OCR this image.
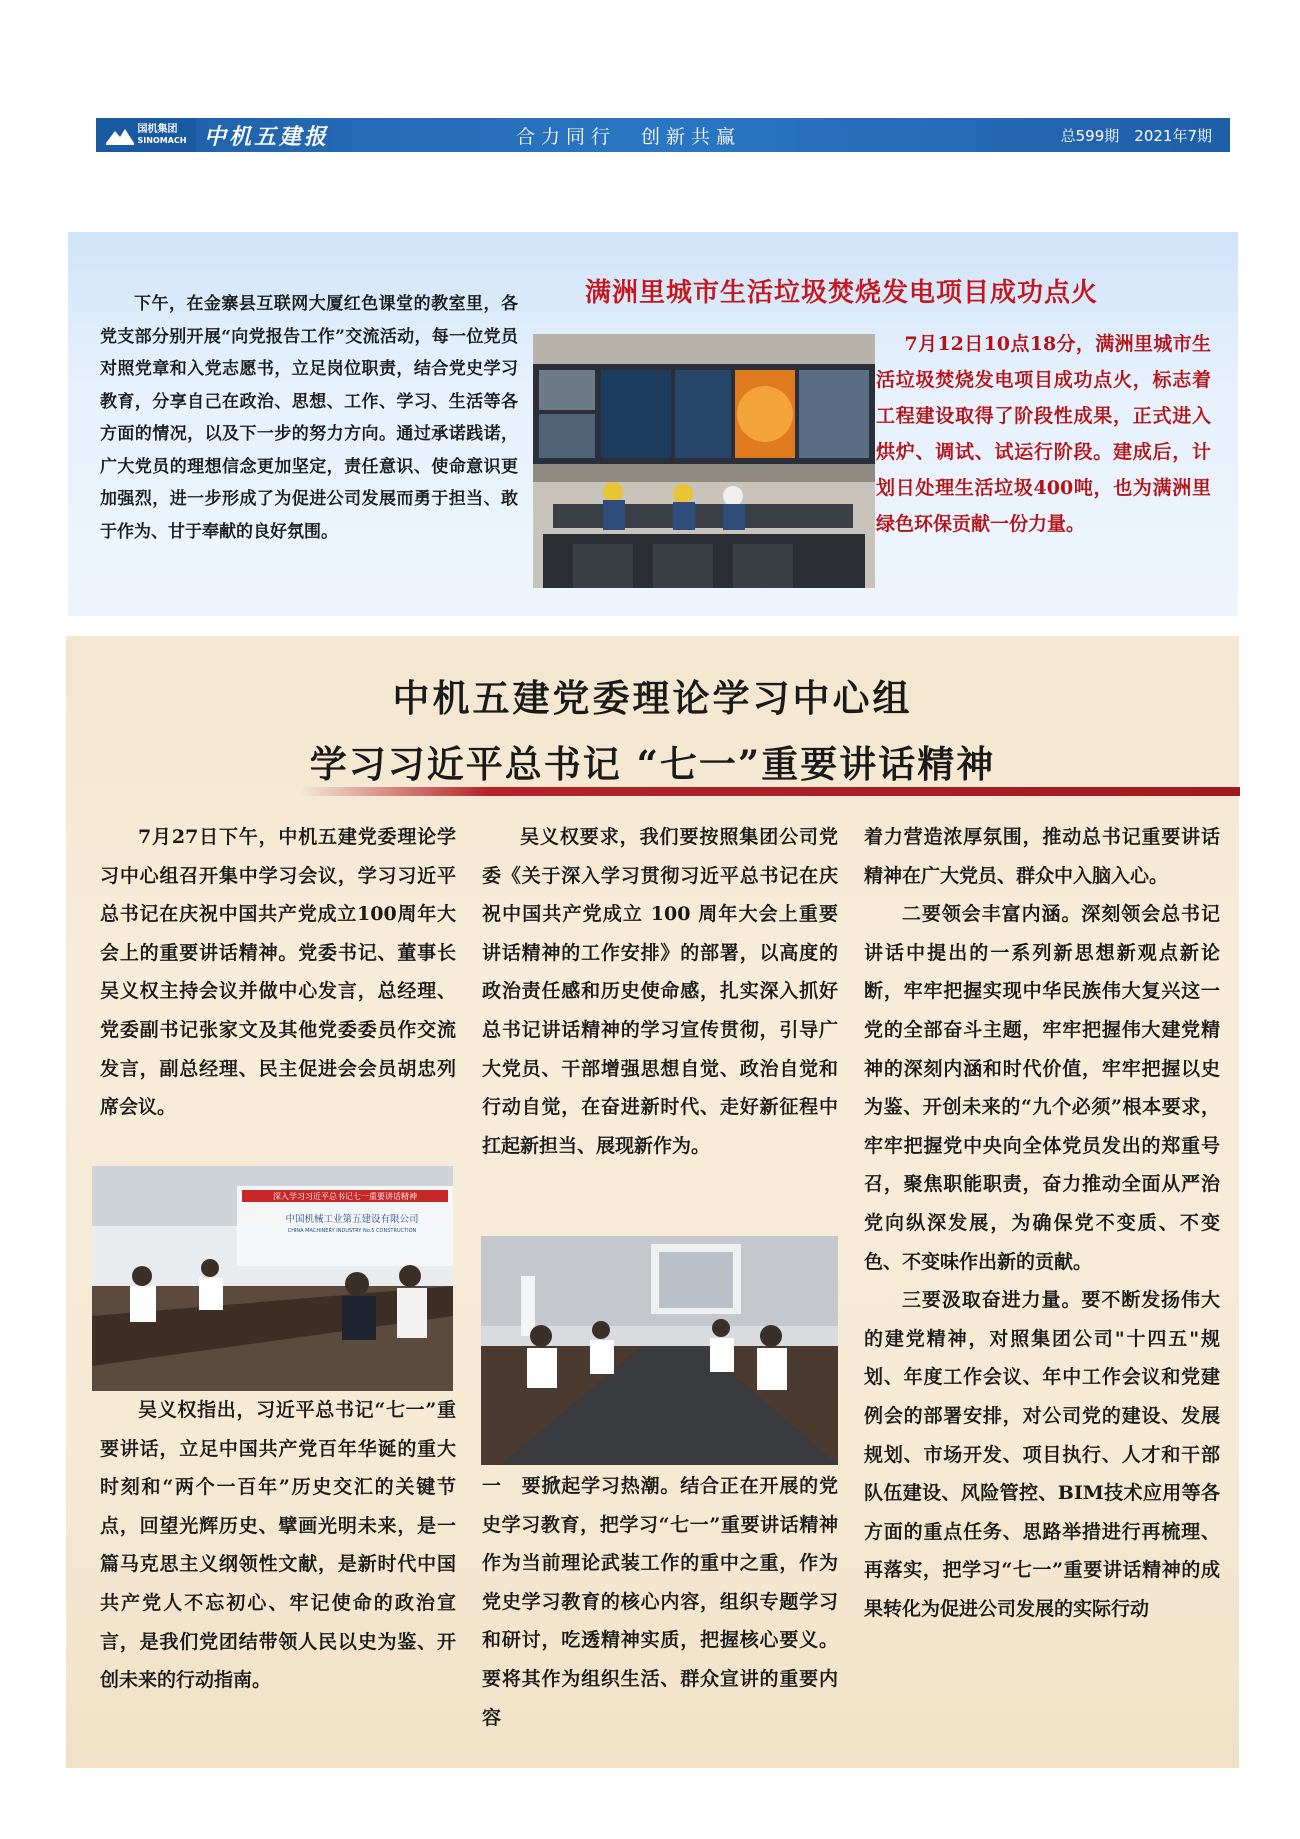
国机集团
SINOMACH 中机五建报	合力同行　创新共赢	总599期　2021年7期
下午，在金寨县互联网大厦红色课堂的教室里，各党支部分别开展“向党报告工作”交流活动，每一位党员对照党章和入党志愿书，立足岗位职责，结合党史学习教育，分享自己在政治、思想、工作、学习、生活等各方面的情况，以及下一步的努力方向。通过承诺践诺，广大党员的理想信念更加坚定，责任意识、使命意识更加强烈，进一步形成了为促进公司发展而勇于担当、敢于作为、甘于奉献的良好氛围。
满洲里城市生活垃圾焚烧发电项目成功点火
7月12日10点18分，满洲里城市生活垃圾焚烧发电项目成功点火，标志着工程建设取得了阶段性成果，正式进入烘炉、调试、试运行阶段。建成后，计划日处理生活垃圾400吨，也为满洲里绿色环保贡献一份力量。
中机五建党委理论学习中心组
学习习近平总书记 “七一”重要讲话精神

7月27日下午，中机五建党委理论学习中心组召开集中学习会议，学习习近平总书记在庆祝中国共产党成立100周年大会上的重要讲话精神。党委书记、董事长吴义权主持会议并做中心发言，总经理、党委副书记张家文及其他党委委员作交流发言，副总经理、民主促进会会员胡忠列席会议。

深入学习习近平总书记七一重要讲话精神
中国机械工业第五建设有限公司
CHINA MACHINERY INDUSTRY No.5 CONSTRUCTION

吴义权指出，习近平总书记“七一”重要讲话，立足中国共产党百年华诞的重大时刻和“两个一百年”历史交汇的关键节点，回望光辉历史、擘画光明未来，是一篇马克思主义纲领性文献，是新时代中国共产党人不忘初心、牢记使命的政治宣言，是我们党团结带领人民以史为鉴、开创未来的行动指南。

吴义权要求，我们要按照集团公司党委《关于深入学习贯彻习近平总书记在庆祝中国共产党成立 100 周年大会上重要讲话精神的工作安排》的部署，以高度的政治责任感和历史使命感，扎实深入抓好总书记讲话精神的学习宣传贯彻，引导广大党员、干部增强思想自觉、政治自觉和行动自觉，在奋进新时代、走好新征程中扛起新担当、展现新作为。

一　要掀起学习热潮。结合正在开展的党史学习教育，把学习“七一”重要讲话精神作为当前理论武装工作的重中之重，作为党史学习教育的核心内容，组织专题学习和研讨，吃透精神实质，把握核心要义。要将其作为组织生活、群众宣讲的重要内容

着力营造浓厚氛围，推动总书记重要讲话精神在广大党员、群众中入脑入心。

二要领会丰富内涵。深刻领会总书记讲话中提出的一系列新思想新观点新论断，牢牢把握实现中华民族伟大复兴这一党的全部奋斗主题，牢牢把握伟大建党精神的深刻内涵和时代价值，牢牢把握以史为鉴、开创未来的“九个必须”根本要求，牢牢把握党中央向全体党员发出的郑重号召，聚焦职能职责，奋力推动全面从严治党向纵深发展，为确保党不变质、不变色、不变味作出新的贡献。

三要汲取奋进力量。要不断发扬伟大的建党精神，对照集团公司"十四五"规划、年度工作会议、年中工作会议和党建例会的部署安排，对公司党的建设、发展规划、市场开发、项目执行、人才和干部队伍建设、风险管控、BIM技术应用等各方面的重点任务、思路举措进行再梳理、再落实，把学习“七一”重要讲话精神的成果转化为促进公司发展的实际行动
